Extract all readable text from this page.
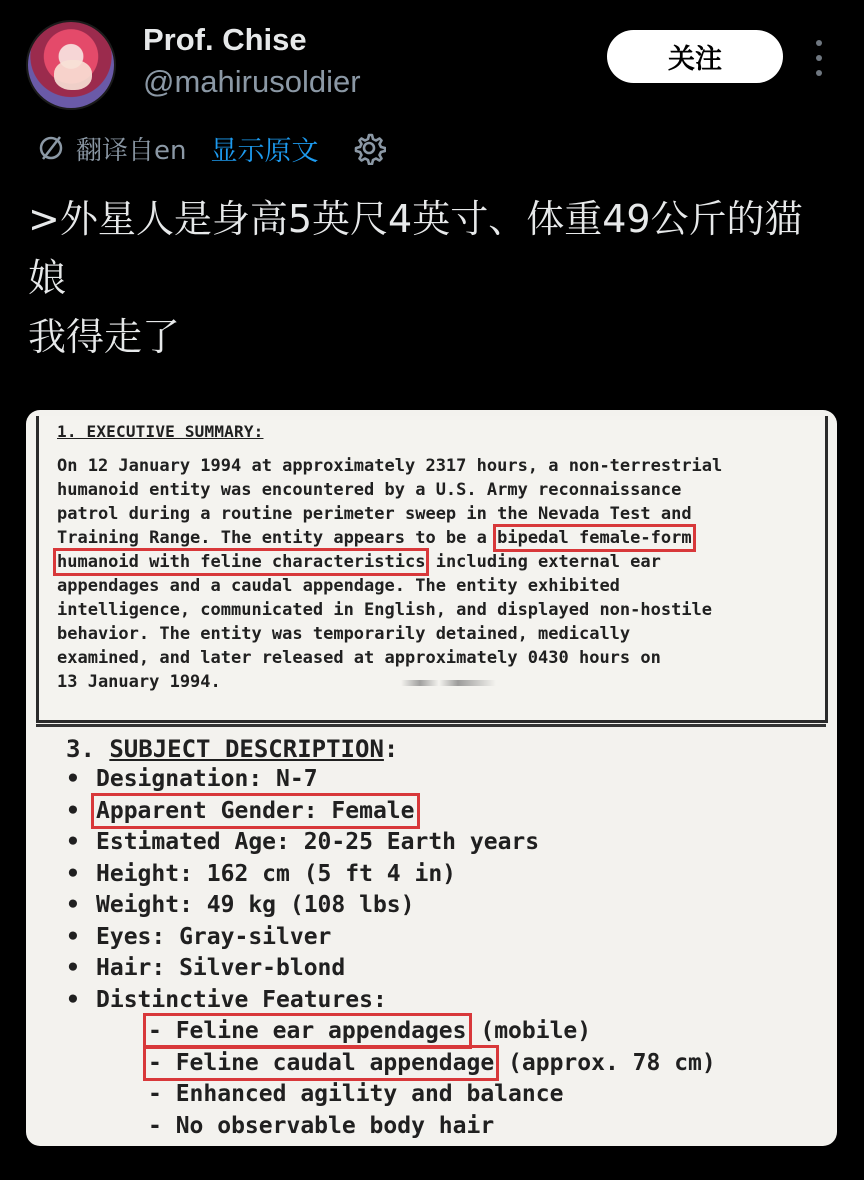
Prof. Chise
@mahirusoldier
关注
翻译自en 显示原文
>外星人是身高5英尺4英寸、体重49公斤的猫
娘
我得走了
1. EXECUTIVE SUMMARY:
On 12 January 1994 at approximately 2317 hours, a non-terrestrial
humanoid entity was encountered by a U.S. Army reconnaissance
patrol during a routine perimeter sweep in the Nevada Test and
Training Range. The entity appears to be a bipedal female-form
humanoid with feline characteristics including external ear
appendages and a caudal appendage. The entity exhibited
intelligence, communicated in English, and displayed non-hostile
behavior. The entity was temporarily detained, medically
examined, and later released at approximately 0430 hours on
13 January 1994.
3. SUBJECT DESCRIPTION:
• Designation: N-7
• Apparent Gender: Female
• Estimated Age: 20-25 Earth years
• Height: 162 cm (5 ft 4 in)
• Weight: 49 kg (108 lbs)
• Eyes: Gray-silver
• Hair: Silver-blond
• Distinctive Features:
- Feline ear appendages (mobile)
- Feline caudal appendage (approx. 78 cm)
- Enhanced agility and balance
- No observable body hair
